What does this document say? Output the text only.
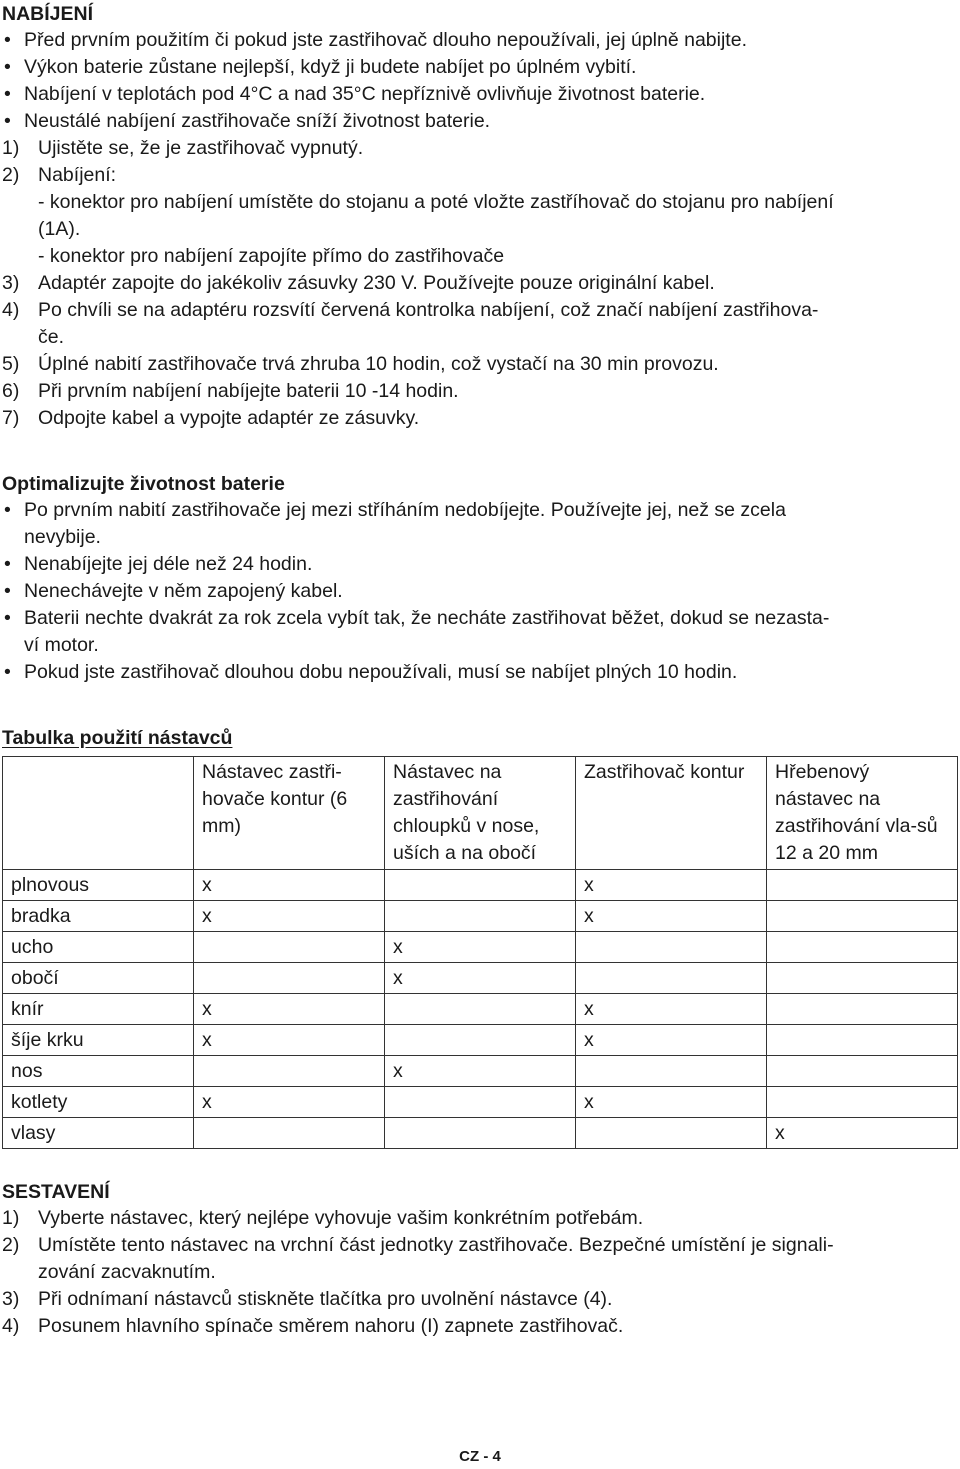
NABÍJENÍ
• Před prvním použitím či pokud jste zastřihovač dlouho nepoužívali, jej úplně nabijte.
• Výkon baterie zůstane nejlepší, když ji budete nabíjet po úplném vybití.
• Nabíjení v teplotách pod 4°C a nad 35°C nepříznivě ovlivňuje životnost baterie.
• Neustálé nabíjení zastřihovače sníží životnost baterie.
1) Ujistěte se, že je zastřihovač vypnutý.
2) Nabíjení:
- konektor pro nabíjení umístěte do stojanu a poté vložte zastříhovač do stojanu pro nabíjení
(1A).
- konektor pro nabíjení zapojíte přímo do zastřihovače
3) Adaptér zapojte do jakékoliv zásuvky 230 V. Používejte pouze originální kabel.
4) Po chvíli se na adaptéru rozsvítí červená kontrolka nabíjení, což značí nabíjení zastřihova-
če.
5) Úplné nabití zastřihovače trvá zhruba 10 hodin, což vystačí na 30 min provozu.
6) Při prvním nabíjení nabíjejte baterii 10 -14 hodin.
7) Odpojte kabel a vypojte adaptér ze zásuvky.
Optimalizujte životnost baterie
• Po prvním nabití zastřihovače jej mezi stříháním nedobíjejte. Používejte jej, než se zcela
nevybije.
• Nenabíjejte jej déle než 24 hodin.
• Nenechávejte v něm zapojený kabel.
• Baterii nechte dvakrát za rok zcela vybít tak, že necháte zastřihovat běžet, dokud se nezasta-
ví motor.
• Pokud jste zastřihovač dlouhou dobu nepoužívali, musí se nabíjet plných 10 hodin.
Tabulka použití nástavců
	Nástavec zastři-hovače kontur (6 mm)	Nástavec na zastřihování chloupků v nose, uších a na obočí	Zastřihovač kontur	Hřebenový nástavec na zastřihování vla-sů 12 a 20 mm
plnovous	x		x	
bradka	x		x	
ucho		x		
obočí		x		
knír	x		x	
šíje krku	x		x	
nos		x		
kotlety	x		x	
vlasy				x
SESTAVENÍ
1) Vyberte nástavec, který nejlépe vyhovuje vašim konkrétním potřebám.
2) Umístěte tento nástavec na vrchní část jednotky zastřihovače. Bezpečné umístění je signali-
zování zacvaknutím.
3) Při odnímaní nástavců stiskněte tlačítka pro uvolnění nástavce (4).
4) Posunem hlavního spínače směrem nahoru (I) zapnete zastřihovač.
CZ - 4
